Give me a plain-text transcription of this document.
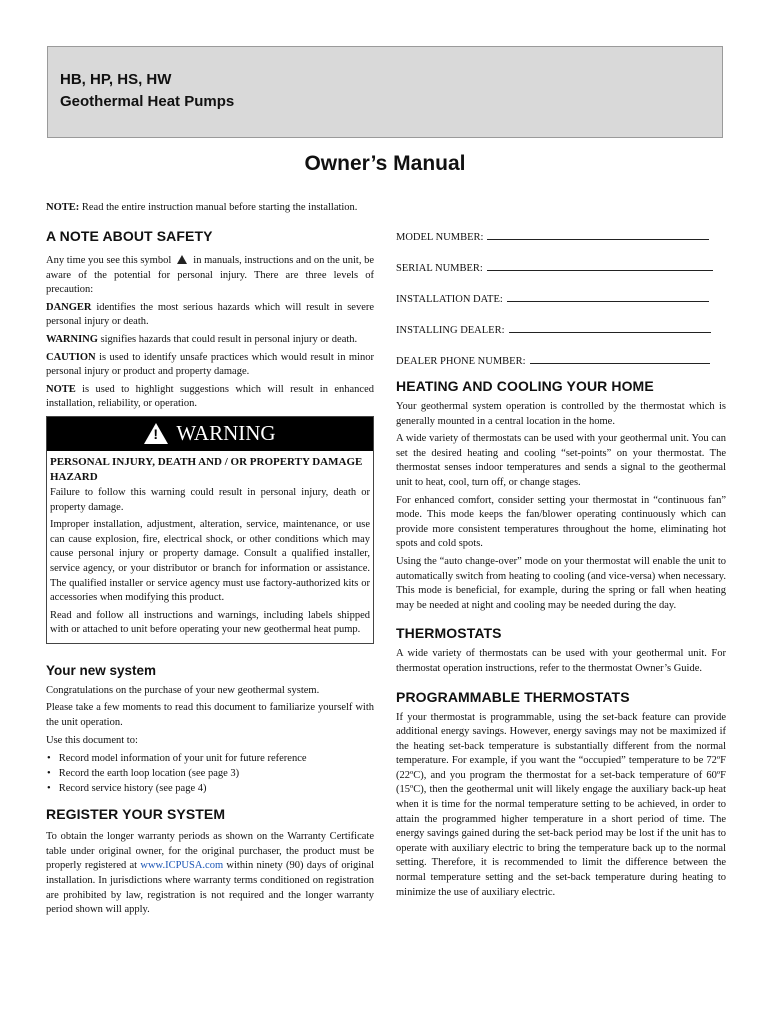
HB, HP, HS, HW
Geothermal Heat Pumps
Owner’s Manual
NOTE: Read the entire instruction manual before starting the installation.
A NOTE ABOUT SAFETY

Any time you see this symbol in manuals, instructions and on the unit, be aware of the potential for personal injury. There are three levels of precaution:

DANGER identifies the most serious hazards which will result in severe personal injury or death.

WARNING signifies hazards that could result in personal injury or death.

CAUTION is used to identify unsafe practices which would result in minor personal injury or product and property damage.

NOTE is used to highlight suggestions which will result in enhanced installation, reliability, or operation.

! WARNING
PERSONAL INJURY, DEATH AND / OR PROPERTY DAMAGE HAZARD

Failure to follow this warning could result in personal injury, death or property damage.

Improper installation, adjustment, alteration, service, maintenance, or use can cause explosion, fire, electrical shock, or other conditions which may cause personal injury or property damage. Consult a qualified installer, service agency, or your distributor or branch for information or assistance. The qualified installer or service agency must use factory-authorized kits or accessories when modifying this product.

Read and follow all instructions and warnings, including labels shipped with or attached to unit before operating your new geothermal heat pump.

Your new system

Congratulations on the purchase of your new geothermal system.

Please take a few moments to read this document to familiarize yourself with the unit operation.

Use this document to:

• Record model information of your unit for future reference
• Record the earth loop location (see page 3)
• Record service history (see page 4)
REGISTER YOUR SYSTEM

To obtain the longer warranty periods as shown on the Warranty Certificate table under original owner, for the original purchaser, the product must be properly registered at www.ICPUSA.com within ninety (90) days of original installation. In jurisdictions where warranty terms conditioned on registration are prohibited by law, registration is not required and the longer warranty period shown will apply.

MODEL NUMBER:
SERIAL NUMBER:
INSTALLATION DATE:
INSTALLING DEALER:
DEALER PHONE NUMBER:
HEATING AND COOLING YOUR HOME

Your geothermal system operation is controlled by the thermostat which is generally mounted in a central location in the home.

A wide variety of thermostats can be used with your geothermal unit. You can set the desired heating and cooling “set-points” on your thermostat. The thermostat senses indoor temperatures and sends a signal to the geothermal unit to heat, cool, turn off, or change stages.

For enhanced comfort, consider setting your thermostat in “continuous fan” mode. This mode keeps the fan/blower operating continuously which can provide more consistent temperatures throughout the home, eliminating hot spots and cold spots.

Using the “auto change-over” mode on your thermostat will enable the unit to automatically switch from heating to cooling (and vice-versa) when necessary. This mode is beneficial, for example, during the spring or fall when heating may be needed at night and cooling may be needed during the day.

THERMOSTATS

A wide variety of thermostats can be used with your geothermal unit. For thermostat operation instructions, refer to the thermostat Owner’s Guide.

PROGRAMMABLE THERMOSTATS

If your thermostat is programmable, using the set-back feature can provide additional energy savings. However, energy savings may not be maximized if the heating set-back temperature is substantially different from the normal temperature. For example, if you want the “occupied” temperature to be 72ºF (22ºC), and you program the thermostat for a set-back temperature of 60ºF (15ºC), then the geothermal unit will likely engage the auxiliary back-up heat when it is time for the normal temperature setting to be achieved, in order to attain the programmed higher temperature in a short period of time. The energy savings gained during the set-back period may be lost if the unit has to operate with auxiliary electric to bring the temperature back up to the normal setting. Therefore, it is recommended to limit the difference between the normal temperature setting and the set-back temperature during heating to minimize the use of auxiliary electric.
